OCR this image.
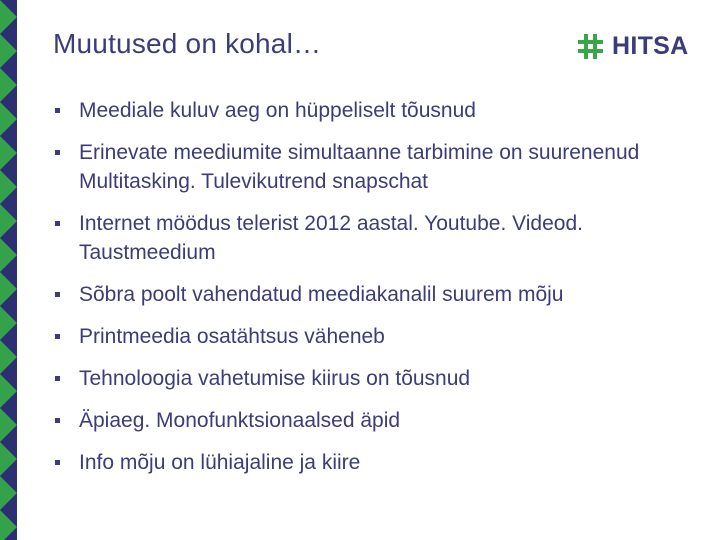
Muutused on kohal…	HITSA
Meediale kuluv aeg on hüppeliselt tõusnud
Erinevate meediumite simultaanne tarbimine on suurenenud Multitasking. Tulevikutrend snapschat
Internet möödus telerist 2012 aastal. Youtube. Videod. Taustmeedium
Sõbra poolt vahendatud meediakanalil suurem mõju
Printmeedia osatähtsus väheneb
Tehnoloogia vahetumise kiirus on tõusnud
Äpiaeg. Monofunktsionaalsed äpid
Info mõju on lühiajaline ja kiire
